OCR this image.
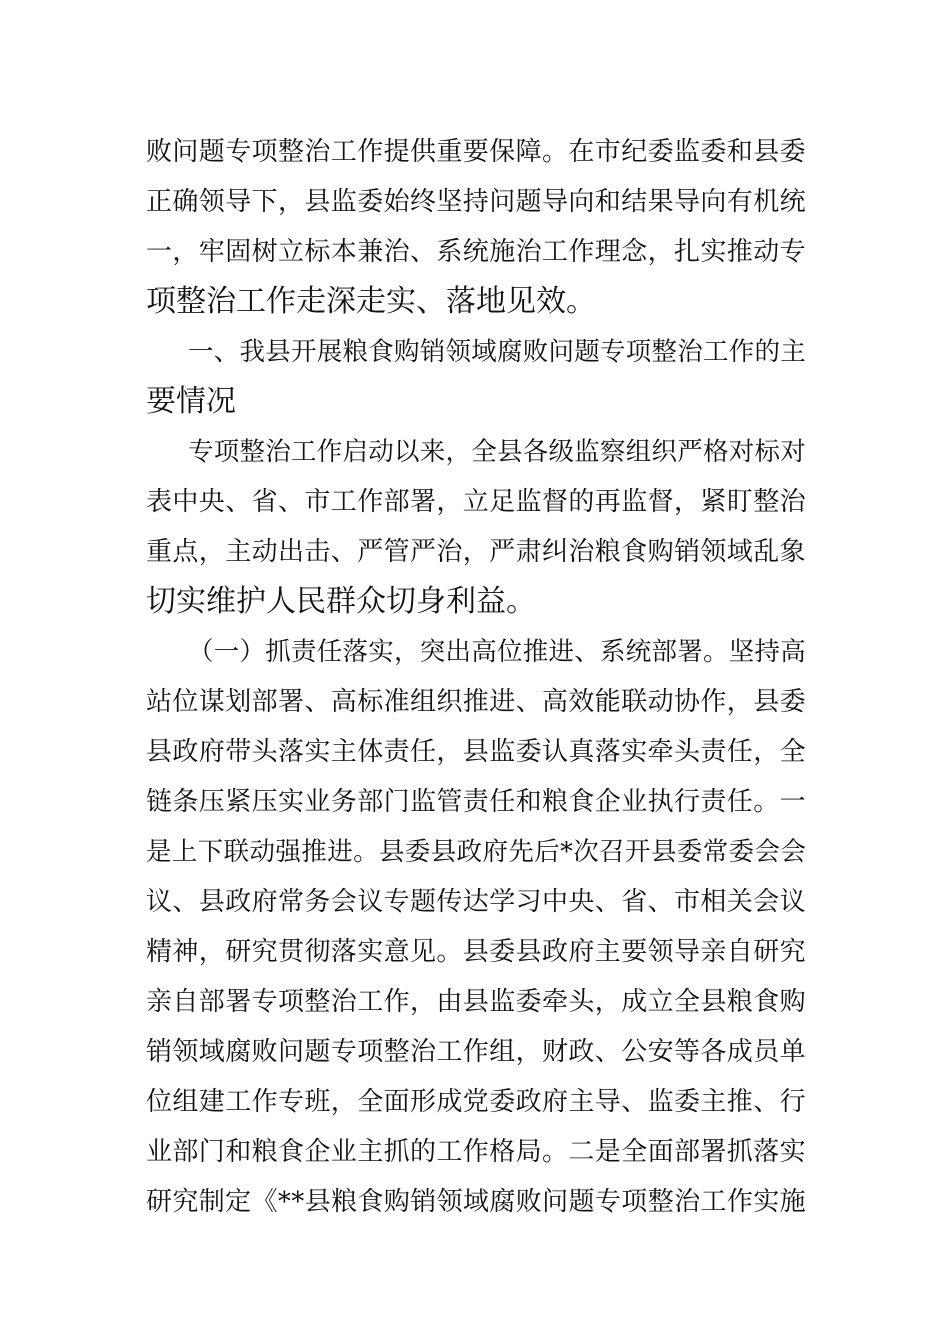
败问题专项整治工作提供重要保障。在市纪委监委和县委
正确领导下，县监委始终坚持问题导向和结果导向有机统
一，牢固树立标本兼治、系统施治工作理念，扎实推动专
项整治工作走深走实、落地见效。
一、我县开展粮食购销领域腐败问题专项整治工作的主
要情况
专项整治工作启动以来，全县各级监察组织严格对标对
表中央、省、市工作部署，立足监督的再监督，紧盯整治
重点，主动出击、严管严治，严肃纠治粮食购销领域乱象
切实维护人民群众切身利益。
（一）抓责任落实，突出高位推进、系统部署。坚持高
站位谋划部署、高标准组织推进、高效能联动协作，县委
县政府带头落实主体责任，县监委认真落实牵头责任，全
链条压紧压实业务部门监管责任和粮食企业执行责任。一
是上下联动强推进。县委县政府先后*次召开县委常委会会
议、县政府常务会议专题传达学习中央、省、市相关会议
精神，研究贯彻落实意见。县委县政府主要领导亲自研究
亲自部署专项整治工作，由县监委牵头，成立全县粮食购
销领域腐败问题专项整治工作组，财政、公安等各成员单
位组建工作专班，全面形成党委政府主导、监委主推、行
业部门和粮食企业主抓的工作格局。二是全面部署抓落实
研究制定《**县粮食购销领域腐败问题专项整治工作实施
